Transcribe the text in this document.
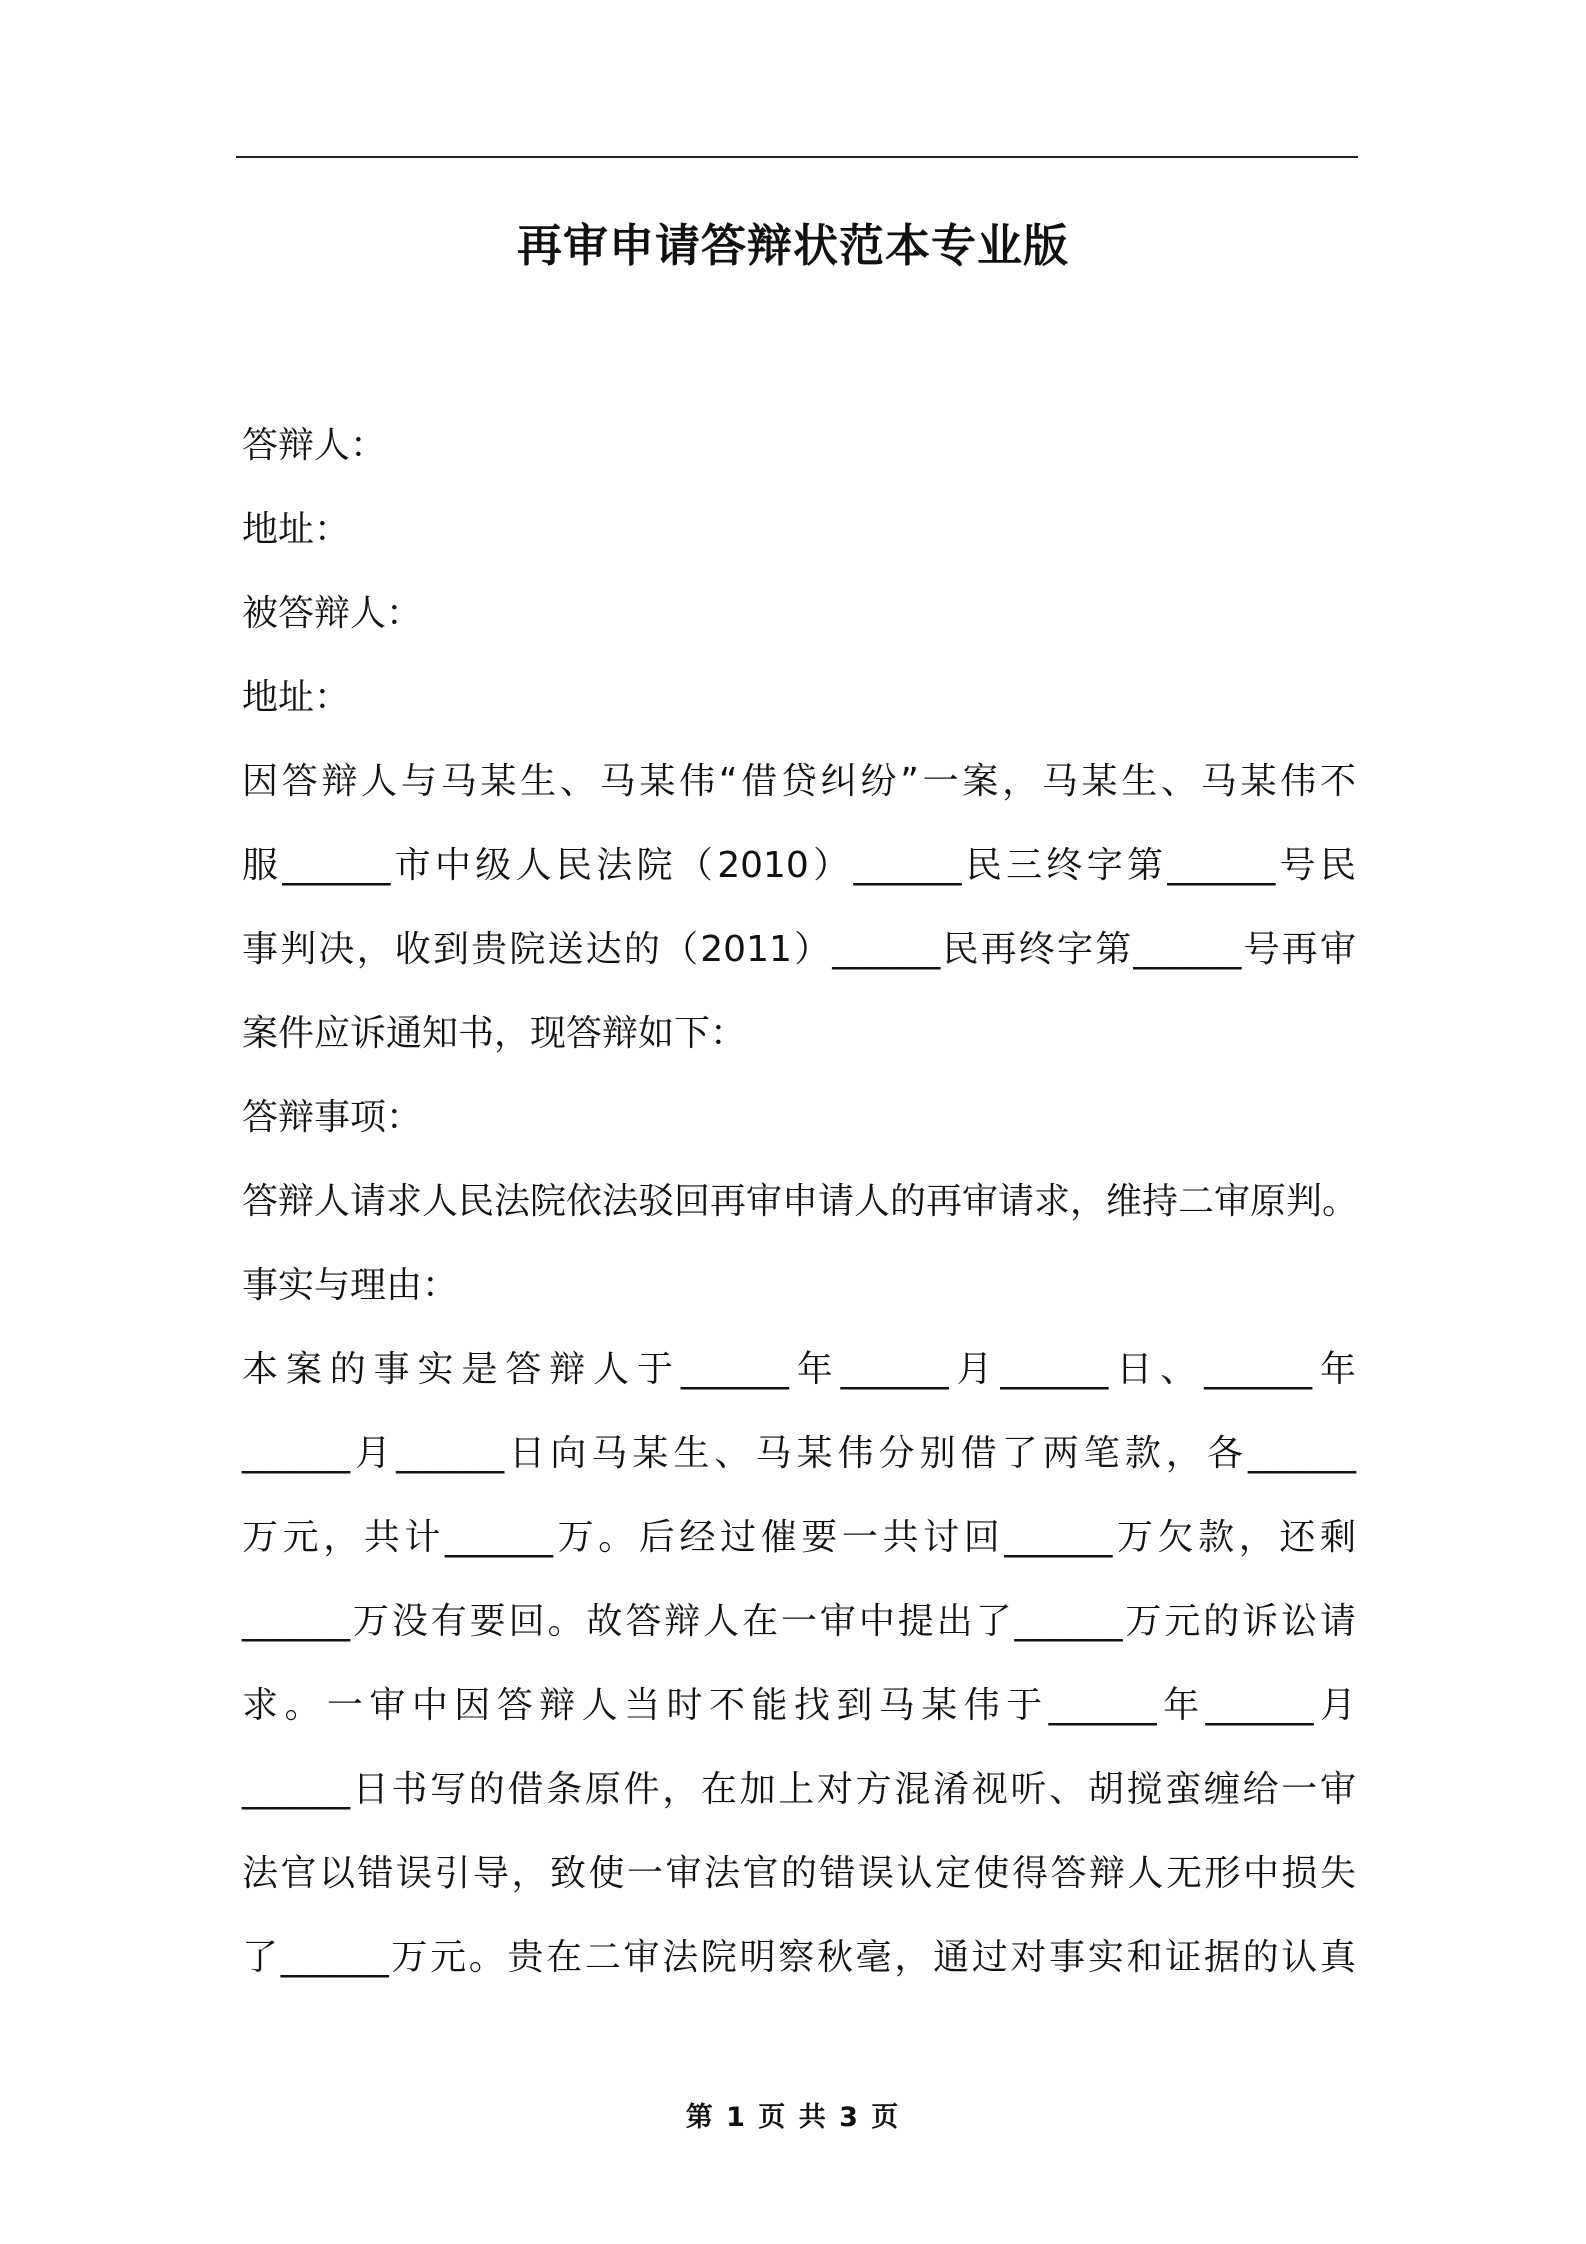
再审申请答辩状范本专业版
答辩人：
地址：
被答辩人：
地址：
因答辩人与马某生、马某伟“借贷纠纷”一案，马某生、马某伟不
服______市中级人民法院（2010）______民三终字第______号民
事判决，收到贵院送达的（2011）______民再终字第______号再审
案件应诉通知书，现答辩如下：
答辩事项：
答辩人请求人民法院依法驳回再审申请人的再审请求，维持二审原判。
事实与理由：
本案的事实是答辩人于______年______月______日、______年
______月______日向马某生、马某伟分别借了两笔款，各______
万元，共计______万。后经过催要一共讨回______万欠款，还剩
______万没有要回。故答辩人在一审中提出了______万元的诉讼请
求。一审中因答辩人当时不能找到马某伟于______年______月
______日书写的借条原件，在加上对方混淆视听、胡搅蛮缠给一审
法官以错误引导，致使一审法官的错误认定使得答辩人无形中损失
了______万元。贵在二审法院明察秋毫，通过对事实和证据的认真
第 1 页 共 3 页
